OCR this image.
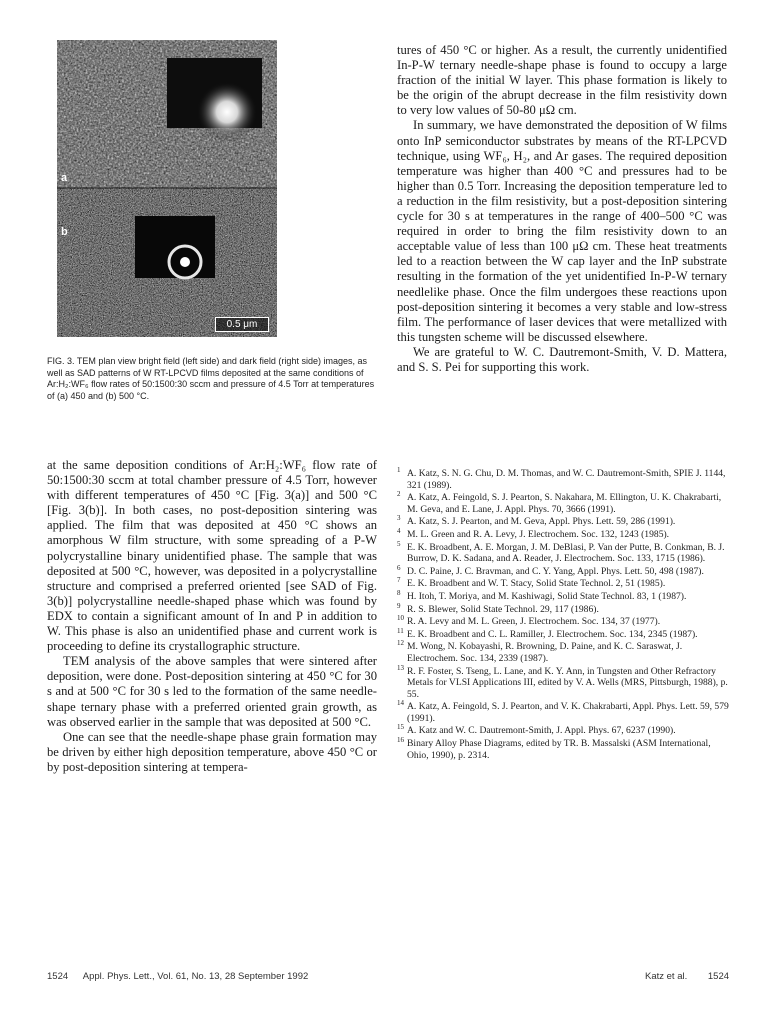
a
b
0.5 μm
FIG. 3. TEM plan view bright field (left side) and dark field (right side) images, as well as SAD patterns of W RT-LPCVD films deposited at the same conditions of Ar:H₂:WF₆ flow rates of 50:1500:30 sccm and pressure of 4.5 Torr at temperatures of (a) 450 and (b) 500 °C.

at the same deposition conditions of Ar:H₂:WF₆ flow rate of 50:1500:30 sccm at total chamber pressure of 4.5 Torr, however with different temperatures of 450 °C [Fig. 3(a)] and 500 °C [Fig. 3(b)]. In both cases, no post-deposition sintering was applied. The film that was deposited at 450 °C shows an amorphous W film structure, with some spreading of a P-W polycrystalline binary unidentified phase. The sample that was deposited at 500 °C, however, was deposited in a polycrystalline structure and comprised a preferred oriented [see SAD of Fig. 3(b)] polycrystalline needle-shaped phase which was found by EDX to contain a significant amount of In and P in addition to W. This phase is also an unidentified phase and current work is proceeding to define its crystallographic structure.

TEM analysis of the above samples that were sintered after deposition, were done. Post-deposition sintering at 450 °C for 30 s and at 500 °C for 30 s led to the formation of the same needle-shape ternary phase with a preferred oriented grain growth, as was observed earlier in the sample that was deposited at 500 °C.

One can see that the needle-shape phase grain formation may be driven by either high deposition temperature, above 450 °C or by post-deposition sintering at tempera-

tures of 450 °C or higher. As a result, the currently unidentified In-P-W ternary needle-shape phase is found to occupy a large fraction of the initial W layer. This phase formation is likely to be the origin of the abrupt decrease in the film resistivity down to very low values of 50-80 μΩ cm.

In summary, we have demonstrated the deposition of W films onto InP semiconductor substrates by means of the RT-LPCVD technique, using WF₆, H₂, and Ar gases. The required deposition temperature was higher than 400 °C and pressures had to be higher than 0.5 Torr. Increasing the deposition temperature led to a reduction in the film resistivity, but a post-deposition sintering cycle for 30 s at temperatures in the range of 400–500 °C was required in order to bring the film resistivity down to an acceptable value of less than 100 μΩ cm. These heat treatments led to a reaction between the W cap layer and the InP substrate resulting in the formation of the yet unidentified In-P-W ternary needlelike phase. Once the film undergoes these reactions upon post-deposition sintering it becomes a very stable and low-stress film. The performance of laser devices that were metallized with this tungsten scheme will be discussed elsewhere.

We are grateful to W. C. Dautremont-Smith, V. D. Mattera, and S. S. Pei for supporting this work.

1 A. Katz, S. N. G. Chu, D. M. Thomas, and W. C. Dautremont-Smith, SPIE J. 1144, 321 (1989).
2 A. Katz, A. Feingold, S. J. Pearton, S. Nakahara, M. Ellington, U. K. Chakrabarti, M. Geva, and E. Lane, J. Appl. Phys. 70, 3666 (1991).
3 A. Katz, S. J. Pearton, and M. Geva, Appl. Phys. Lett. 59, 286 (1991).
4 M. L. Green and R. A. Levy, J. Electrochem. Soc. 132, 1243 (1985).
5 E. K. Broadbent, A. E. Morgan, J. M. DeBlasi, P. Van der Putte, B. Conkman, B. J. Burrow, D. K. Sadana, and A. Reader, J. Electrochem. Soc. 133, 1715 (1986).
6 D. C. Paine, J. C. Bravman, and C. Y. Yang, Appl. Phys. Lett. 50, 498 (1987).
7 E. K. Broadbent and W. T. Stacy, Solid State Technol. 2, 51 (1985).
8 H. Itoh, T. Moriya, and M. Kashiwagi, Solid State Technol. 83, 1 (1987).
9 R. S. Blewer, Solid State Technol. 29, 117 (1986).
10 R. A. Levy and M. L. Green, J. Electrochem. Soc. 134, 37 (1977).
11 E. K. Broadbent and C. L. Ramiller, J. Electrochem. Soc. 134, 2345 (1987).
12 M. Wong, N. Kobayashi, R. Browning, D. Paine, and K. C. Saraswat, J. Electrochem. Soc. 134, 2339 (1987).
13 R. F. Foster, S. Tseng, L. Lane, and K. Y. Ann, in Tungsten and Other Refractory Metals for VLSI Applications III, edited by V. A. Wells (MRS, Pittsburgh, 1988), p. 55.
14 A. Katz, A. Feingold, S. J. Pearton, and V. K. Chakrabarti, Appl. Phys. Lett. 59, 579 (1991).
15 A. Katz and W. C. Dautremont-Smith, J. Appl. Phys. 67, 6237 (1990).
16 Binary Alloy Phase Diagrams, edited by TR. B. Massalski (ASM International, Ohio, 1990), p. 2314.
1524 Appl. Phys. Lett., Vol. 61, No. 13, 28 September 1992	Katz et al. 1524
